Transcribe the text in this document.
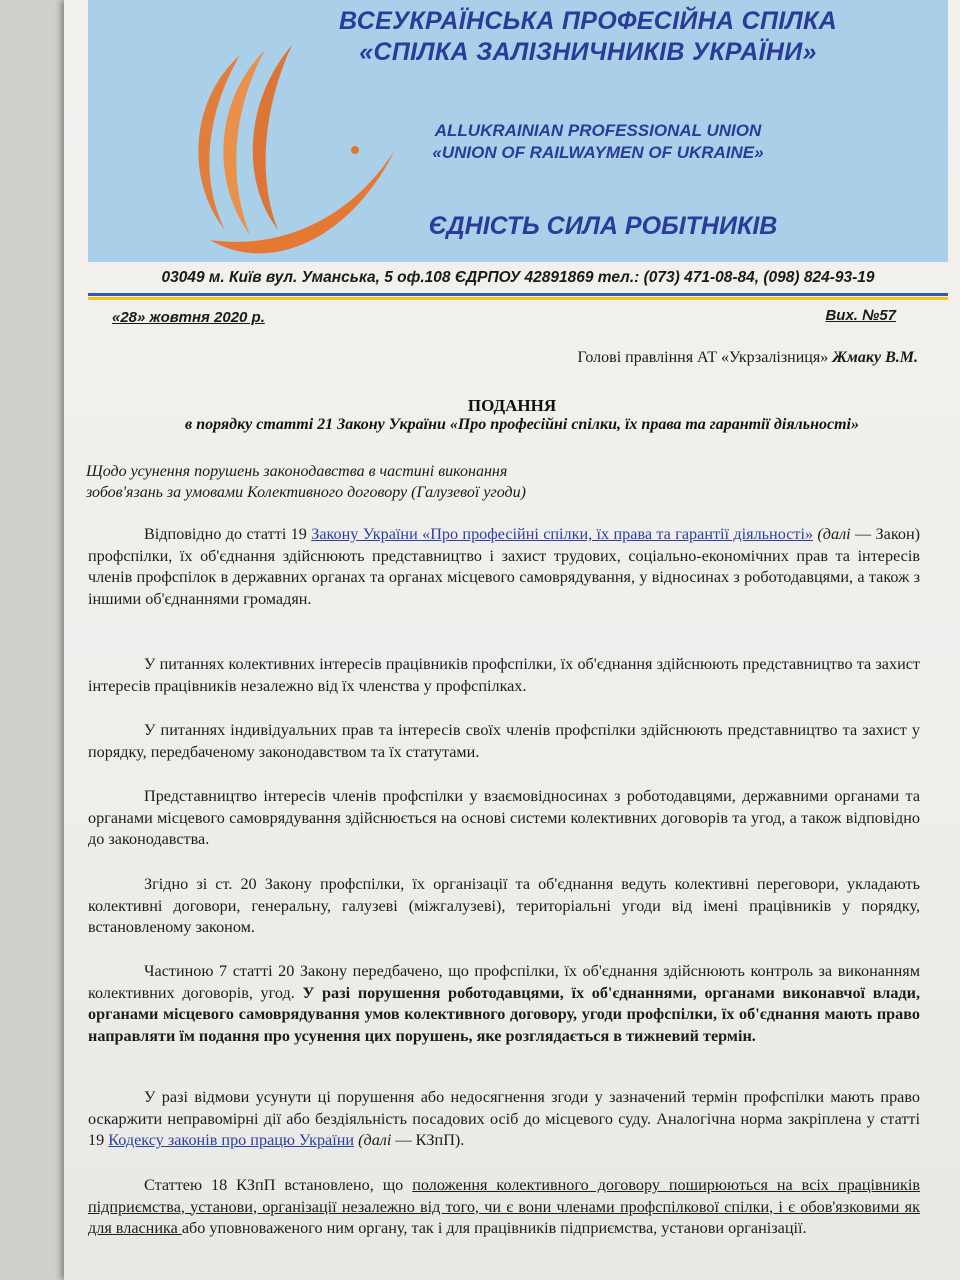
ВСЕУКРАЇНСЬКА ПРОФЕСІЙНА СПІЛКА
«СПІЛКА ЗАЛІЗНИЧНИКІВ УКРАЇНИ»
ALLUKRAINIAN PROFESSIONAL UNION
«UNION OF RAILWAYMEN OF UKRAINE»
ЄДНІСТЬ СИЛА РОБІТНИКІВ
03049 м. Київ вул. Уманська, 5 оф.108 ЄДРПОУ 42891869 тел.: (073) 471-08-84, (098) 824-93-19
«28» жовтня 2020 р.	Вих. №57
Голові правління АТ «Укрзалізниця» Жмаку В.М.
ПОДАННЯ
в порядку статті 21 Закону України «Про професійні спілки, їх права та гарантії діяльності»
Щодо усунення порушень законодавства в частині виконання
зобов'язань за умовами Колективного договору (Галузевої угоди)
Відповідно до статті 19 Закону України «Про професійні спілки, їх права та гарантії діяльності» (далі — Закон) профспілки, їх об'єднання здійснюють представництво і захист трудових, соціально-економічних прав та інтересів членів профспілок в державних органах та органах місцевого самоврядування, у відносинах з роботодавцями, а також з іншими об'єднаннями громадян.
У питаннях колективних інтересів працівників профспілки, їх об'єднання здійснюють представництво та захист інтересів працівників незалежно від їх членства у профспілках.
У питаннях індивідуальних прав та інтересів своїх членів профспілки здійснюють представництво та захист у порядку, передбаченому законодавством та їх статутами.
Представництво інтересів членів профспілки у взаємовідносинах з роботодавцями, державними органами та органами місцевого самоврядування здійснюється на основі системи колективних договорів та угод, а також відповідно до законодавства.
Згідно зі ст. 20 Закону профспілки, їх організації та об'єднання ведуть колективні переговори, укладають колективні договори, генеральну, галузеві (міжгалузеві), територіальні угоди від імені працівників у порядку, встановленому законом.
Частиною 7 статті 20 Закону передбачено, що профспілки, їх об'єднання здійснюють контроль за виконанням колективних договорів, угод. У разі порушення роботодавцями, їх об'єднаннями, органами виконавчої влади, органами місцевого самоврядування умов колективного договору, угоди профспілки, їх об'єднання мають право направляти їм подання про усунення цих порушень, яке розглядається в тижневий термін.
У разі відмови усунути ці порушення або недосягнення згоди у зазначений термін профспілки мають право оскаржити неправомірні дії або бездіяльність посадових осіб до місцевого суду. Аналогічна норма закріплена у статті 19 Кодексу законів про працю України (далі — КЗпП).
Статтею 18 КЗпП встановлено, що положення колективного договору поширюються на всіх працівників підприємства, установи, організації незалежно від того, чи є вони членами профспілкової спілки, і є обов'язковими як для власника або уповноваженого ним органу, так і для працівників підприємства, установи організації.
